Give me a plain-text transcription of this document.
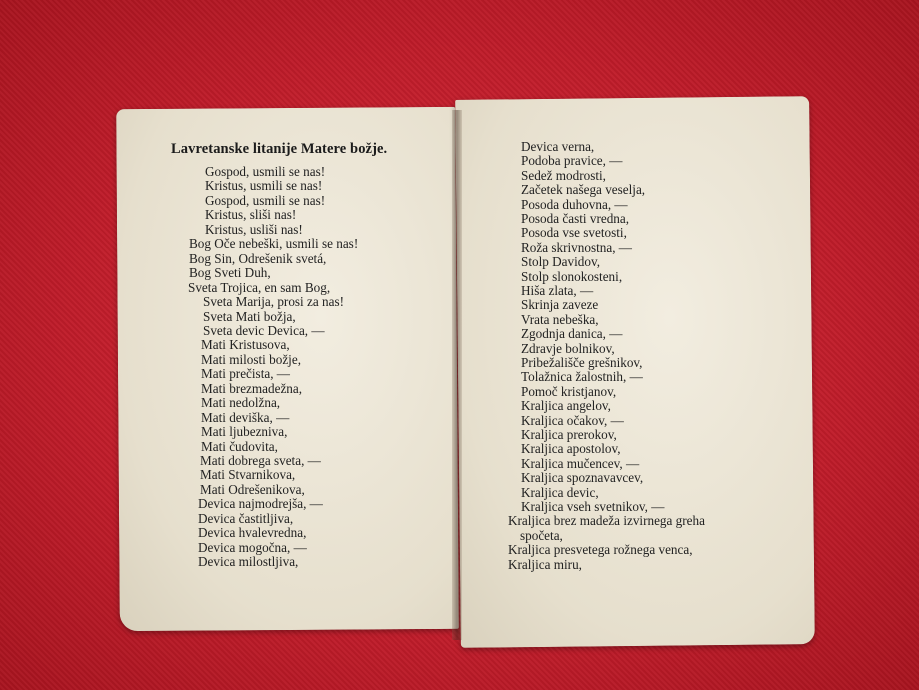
Lavretanske litanije Matere božje.
Gospod, usmili se nas!
Kristus, usmili se nas!
Gospod, usmili se nas!
Kristus, sliši nas!
Kristus, usliši nas!
Bog Oče nebeški, usmili se nas!
Bog Sin, Odrešenik svetá,
Bog Sveti Duh,
Sveta Trojica, en sam Bog,
Sveta Marija, prosi za nas!
Sveta Mati božja,
Sveta devic Devica, —
Mati Kristusova,
Mati milosti božje,
Mati prečista, —
Mati brezmadežna,
Mati nedolžna,
Mati deviška, —
Mati ljubezniva,
Mati čudovita,
Mati dobrega sveta, —
Mati Stvarnikova,
Mati Odrešenikova,
Devica najmodrejša, —
Devica častitljiva,
Devica hvalevredna,
Devica mogočna, —
Devica milostljiva,
Devica verna,
Podoba pravice, —
Sedež modrosti,
Začetek našega veselja,
Posoda duhovna, —
Posoda časti vredna,
Posoda vse svetosti,
Roža skrivnostna, —
Stolp Davidov,
Stolp slonokosteni,
Hiša zlata, —
Skrinja zaveze
Vrata nebeška,
Zgodnja danica, —
Zdravje bolnikov,
Pribežališče grešnikov,
Tolažnica žalostnih, —
Pomoč kristjanov,
Kraljica angelov,
Kraljica očakov, —
Kraljica prerokov,
Kraljica apostolov,
Kraljica mučencev, —
Kraljica spoznavavcev,
Kraljica devic,
Kraljica vseh svetnikov, —
Kraljica brez madeža izvirnega greha
spočeta,
Kraljica presvetega rožnega venca,
Kraljica miru,
